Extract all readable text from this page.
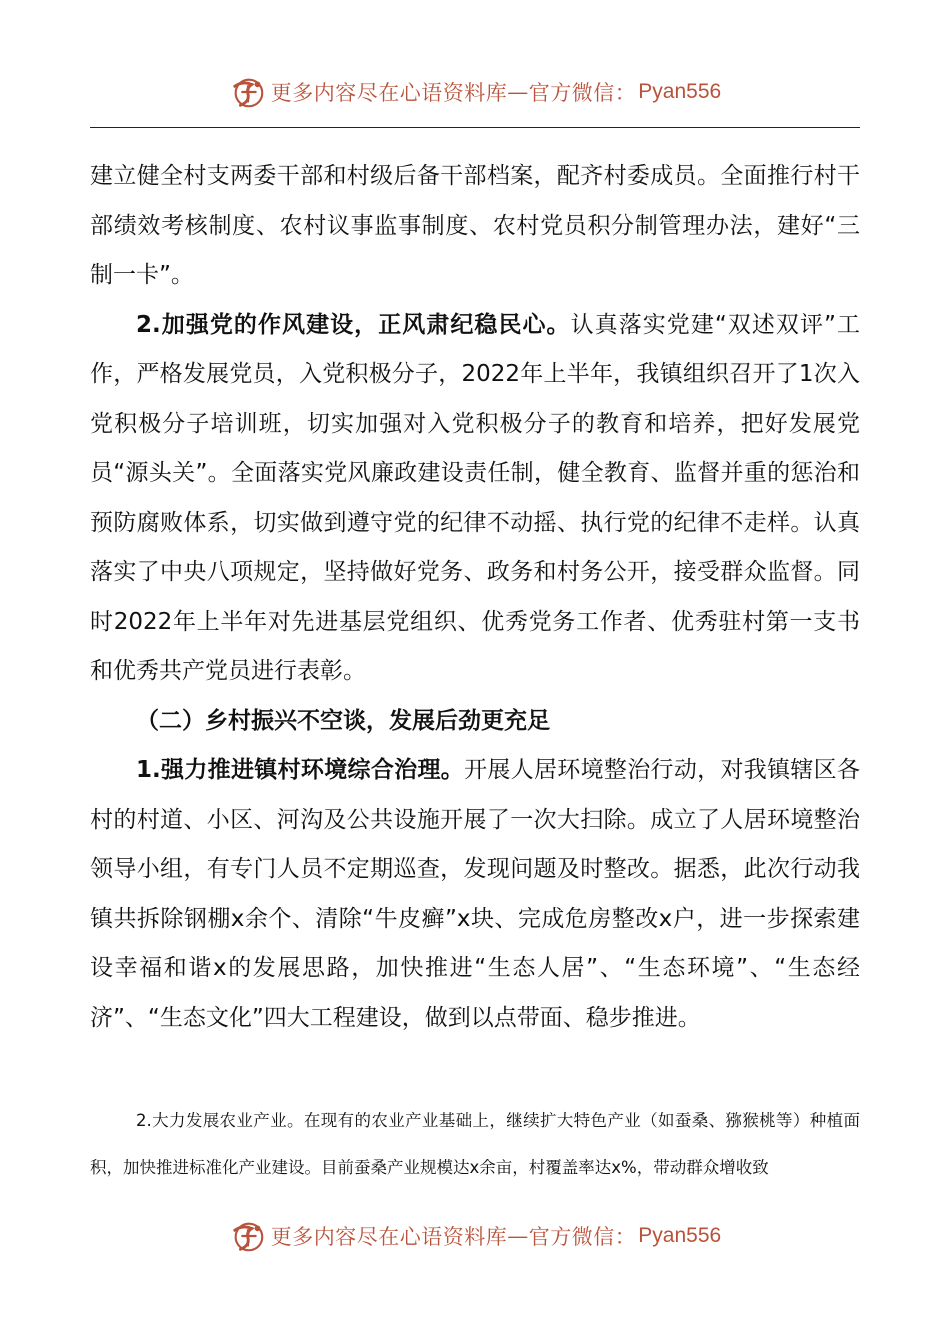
更多内容尽在心语资料库 — 官方微信： Pyan556

建立健全村支两委干部和村级后备干部档案，配齐村委成员。全面推行村干部绩效考核制度、农村议事监事制度、农村党员积分制管理办法，建好“三制一卡”。

2.加强党的作风建设，正风肃纪稳民心。认真落实党建“双述双评”工作，严格发展党员，入党积极分子，2022年上半年，我镇组织召开了1次入党积极分子培训班，切实加强对入党积极分子的教育和培养，把好发展党员“源头关”。全面落实党风廉政建设责任制，健全教育、监督并重的惩治和预防腐败体系，切实做到遵守党的纪律不动摇、执行党的纪律不走样。认真落实了中央八项规定，坚持做好党务、政务和村务公开，接受群众监督。同时2022年上半年对先进基层党组织、优秀党务工作者、优秀驻村第一支书和优秀共产党员进行表彰。

（二）乡村振兴不空谈，发展后劲更充足

1.强力推进镇村环境综合治理。开展人居环境整治行动，对我镇辖区各村的村道、小区、河沟及公共设施开展了一次大扫除。成立了人居环境整治领导小组，有专门人员不定期巡查，发现问题及时整改。据悉，此次行动我镇共拆除钢棚x余个、清除“牛皮癣”x块、完成危房整改x户，进一步探索建设幸福和谐x的发展思路，加快推进“生态人居”、“生态环境”、“生态经济”、“生态文化”四大工程建设，做到以点带面、稳步推进。

2.大力发展农业产业。在现有的农业产业基础上，继续扩大特色产业（如蚕桑、猕猴桃等）种植面积，加快推进标准化产业建设。目前蚕桑产业规模达x余亩，村覆盖率达x%，带动群众增收致

更多内容尽在心语资料库 — 官方微信： Pyan556
